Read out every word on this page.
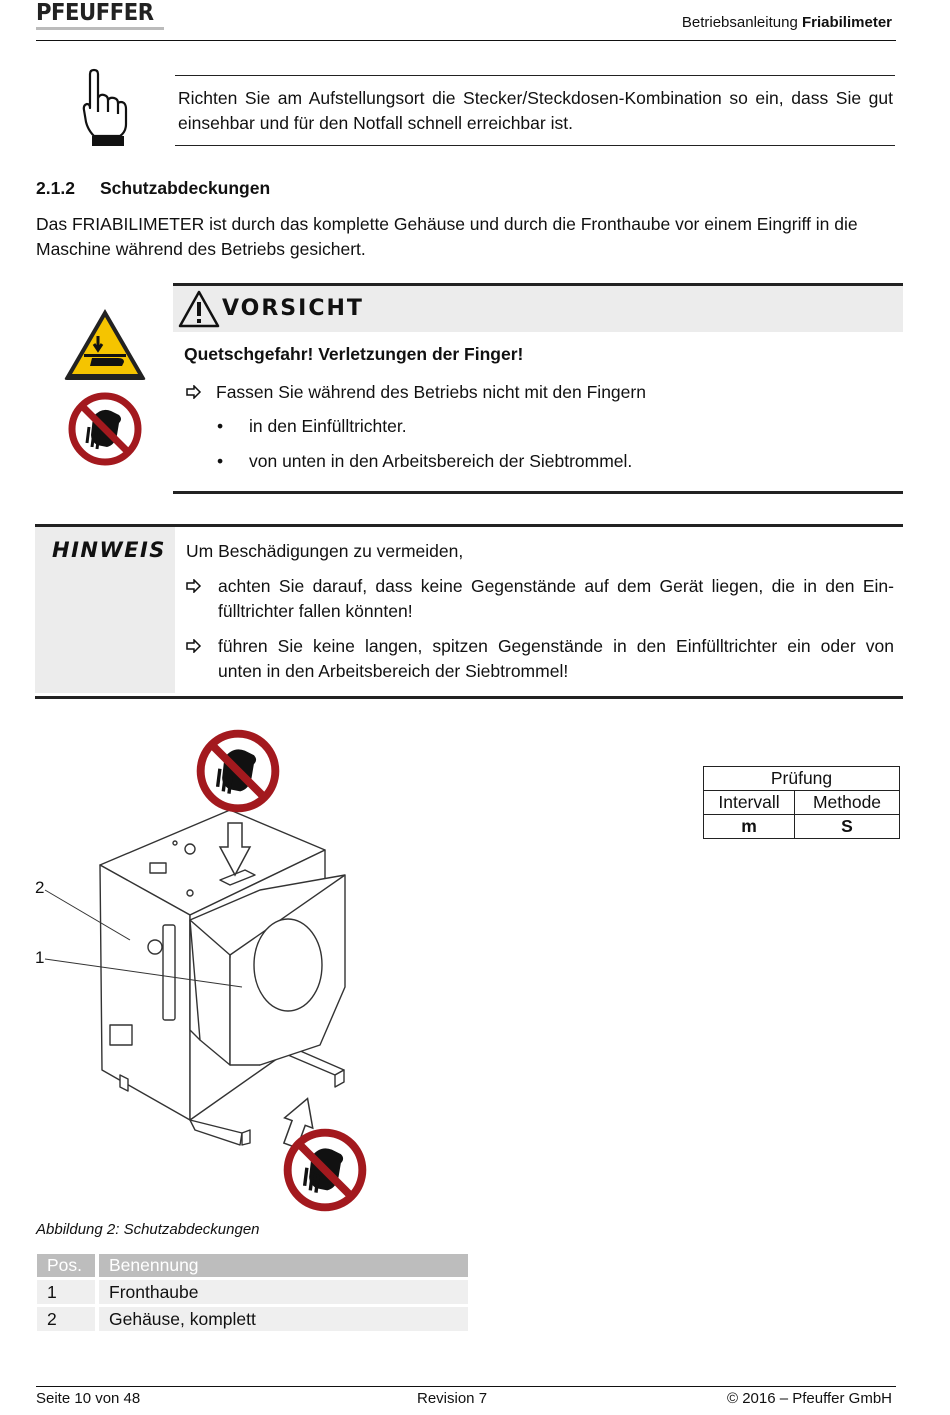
PFEUFFER	Betriebsanleitung Friabilimeter
Richten Sie am Aufstellungsort die Stecker/Steckdosen-Kombination so ein, dass Sie gut einsehbar und für den Notfall schnell erreichbar ist.
2.1.2 Schutzabdeckungen
Das FRIABILIMETER ist durch das komplette Gehäuse und durch die Fronthaube vor einem Eingriff in die Maschine während des Betriebs gesichert.
VORSICHT
Quetschgefahr! Verletzungen der Finger!
Fassen Sie während des Betriebs nicht mit den Fingern
• in den Einfülltrichter.
• von unten in den Arbeitsbereich der Siebtrommel.
HINWEIS Um Beschädigungen zu vermeiden,
achten Sie darauf, dass keine Gegenstände auf dem Gerät liegen, die in den Ein-
fülltrichter fallen könnten!
führen Sie keine langen, spitzen Gegenstände in den Einfülltrichter ein oder von
unten in den Arbeitsbereich der Siebtrommel!
2
1
Prüfung	
Intervall	Methode
m	S
Abbildung 2: Schutzabdeckungen
Pos.	Benennung
1	Fronthaube
2	Gehäuse, komplett
Seite 10 von 48	Revision 7	© 2016 – Pfeuffer GmbH
